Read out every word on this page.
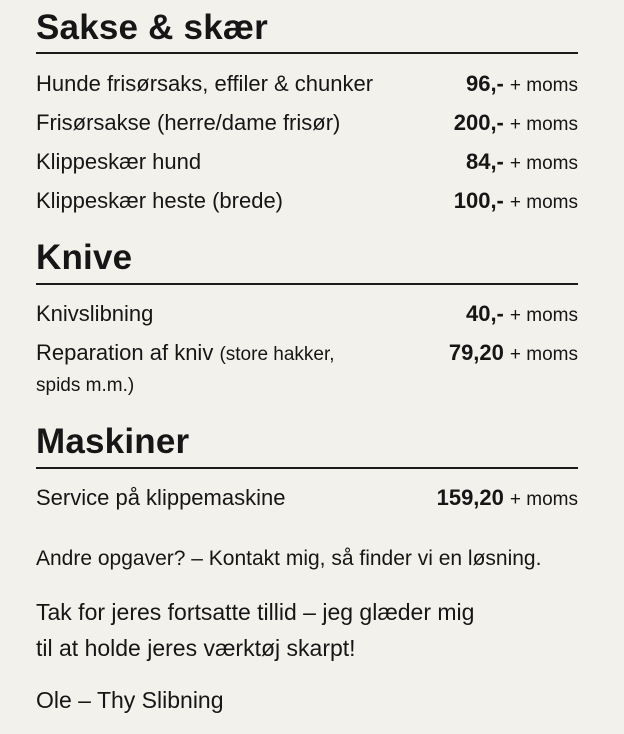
Sakse & skær
Hunde frisørsaks, effiler & chunker	96,- + moms
Frisørsakse (herre/dame frisør)	200,- + moms
Klippeskær hund	84,- + moms
Klippeskær heste (brede)	100,- + moms
Knive
Knivslibning	40,- + moms
Reparation af kniv (store hakker,	79,20 + moms
spids m.m.)
Maskiner
Service på klippemaskine	159,20 + moms
Andre opgaver? – Kontakt mig, så finder vi en løsning.
Tak for jeres fortsatte tillid – jeg glæder mig
til at holde jeres værktøj skarpt!
Ole – Thy Slibning
